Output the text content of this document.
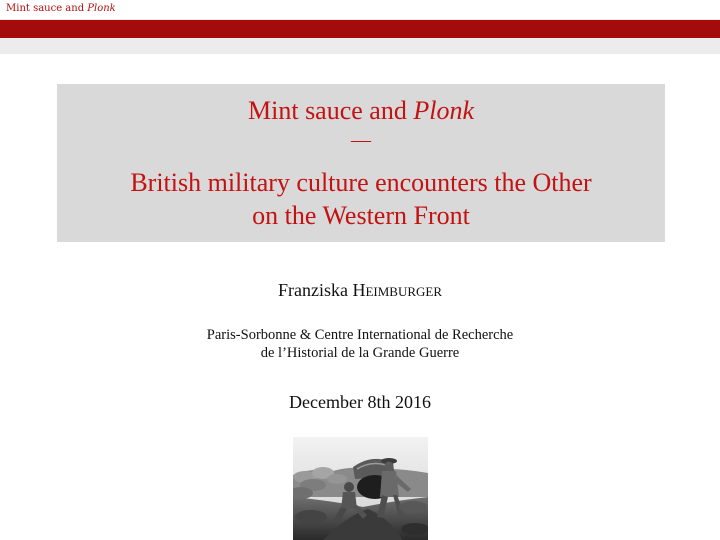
Mint sauce and Plonk
Mint sauce and Plonk
—
British military culture encounters the Other
on the Western Front
Franziska Heimburger
Paris-Sorbonne & Centre International de Recherche
de l’Historial de la Grande Guerre
December 8th 2016
